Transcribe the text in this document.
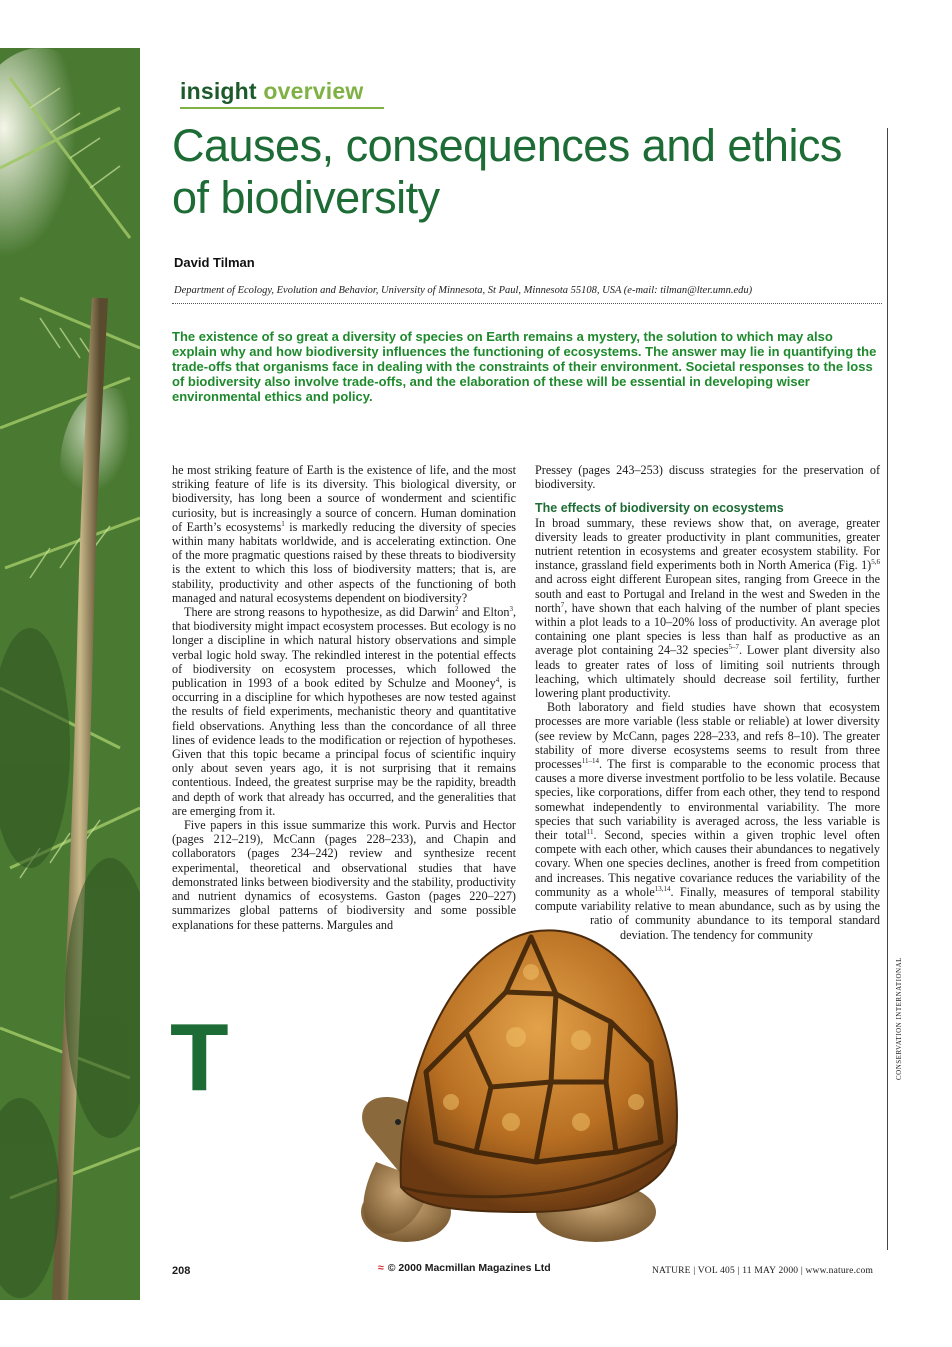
insight overview
Causes, consequences and ethics of biodiversity
David Tilman
Department of Ecology, Evolution and Behavior, University of Minnesota, St Paul, Minnesota 55108, USA (e-mail: tilman@lter.umn.edu)
The existence of so great a diversity of species on Earth remains a mystery, the solution to which may also explain why and how biodiversity influences the functioning of ecosystems. The answer may lie in quantifying the trade-offs that organisms face in dealing with the constraints of their environment. Societal responses to the loss of biodiversity also involve trade-offs, and the elaboration of these will be essential in developing wiser environmental ethics and policy.
CONSERVATION INTERNATIONAL

T
he most striking feature of Earth is the existence of life, and the most striking feature of life is its diversity. This biological diversity, or biodiversity, has long been a source of wonderment and scientific curiosity, but is increasingly a source of concern. Human domination of Earth’s ecosystems$^1$ is markedly reducing the diversity of species within many habitats worldwide, and is accelerating extinction. One of the more pragmatic questions raised by these threats to biodiversity is the extent to which this loss of biodiversity matters; that is, are stability, productivity and other aspects of the functioning of both managed and natural ecosystems dependent on biodiversity?

There are strong reasons to hypothesize, as did Darwin$^2$ and Elton$^3$, that biodiversity might impact ecosystem processes. But ecology is no longer a discipline in which natural history observations and simple verbal logic hold sway. The rekindled interest in the potential effects of biodiversity on ecosystem processes, which followed the publication in 1993 of a book edited by Schulze and Mooney$^4$, is occurring in a discipline for which hypotheses are now tested against the results of field experiments, mechanistic theory and quantitative field observations. Anything less than the concordance of all three lines of evidence leads to the modification or rejection of hypotheses. Given that this topic became a principal focus of scientific inquiry only about seven years ago, it is not surprising that it remains contentious. Indeed, the greatest surprise may be the rapidity, breadth and depth of work that already has occurred, and the generalities that are emerging from it.

Five papers in this issue summarize this work. Purvis and Hector (pages 212–219), McCann (pages 228–233), and Chapin and collaborators (pages 234–242) review and synthesize recent experimental, theoretical and observational studies that have demonstrated links between biodiversity and the stability, productivity and nutrient dynamics of ecosystems. Gaston (pages 220–227) summarizes global patterns of biodiversity and some possible explanations for these patterns. Margules and

Pressey (pages 243–253) discuss strategies for the preservation of biodiversity.

The effects of biodiversity on ecosystems

In broad summary, these reviews show that, on average, greater diversity leads to greater productivity in plant communities, greater nutrient retention in ecosystems and greater ecosystem stability. For instance, grassland field experiments both in North America (Fig. 1)$^{5,6}$ and across eight different European sites, ranging from Greece in the south and east to Portugal and Ireland in the west and Sweden in the north$^7$, have shown that each halving of the number of plant species within a plot leads to a 10–20% loss of productivity. An average plot containing one plant species is less than half as productive as an average plot containing 24–32 species$^{5-7}$. Lower plant diversity also leads to greater rates of loss of limiting soil nutrients through leaching, which ultimately should decrease soil fertility, further lowering plant productivity.

Both laboratory and field studies have shown that ecosystem processes are more variable (less stable or reliable) at lower diversity (see review by McCann, pages 228–233, and refs 8–10). The greater stability of more diverse ecosystems seems to result from three processes$^{11-14}$. The first is comparable to the economic process that causes a more diverse investment portfolio to be less volatile. Because species, like corporations, differ from each other, they tend to respond somewhat independently to environmental variability. The more species that such variability is averaged across, the less variable is their total$^{11}$. Second, species within a given trophic level often compete with each other, which causes their abundances to negatively covary. When one species declines, another is freed from competition and increases. This negative covariance reduces the variability of the community as a whole$^{13,14}$. Finally, measures of temporal stability compute variability relative to mean abundance, such as by using the ratio of community abundance to its temporal standard deviation. The tendency for community

208	≈ © 2000 Macmillan Magazines Ltd	NATURE | VOL 405 | 11 MAY 2000 | www.nature.com
